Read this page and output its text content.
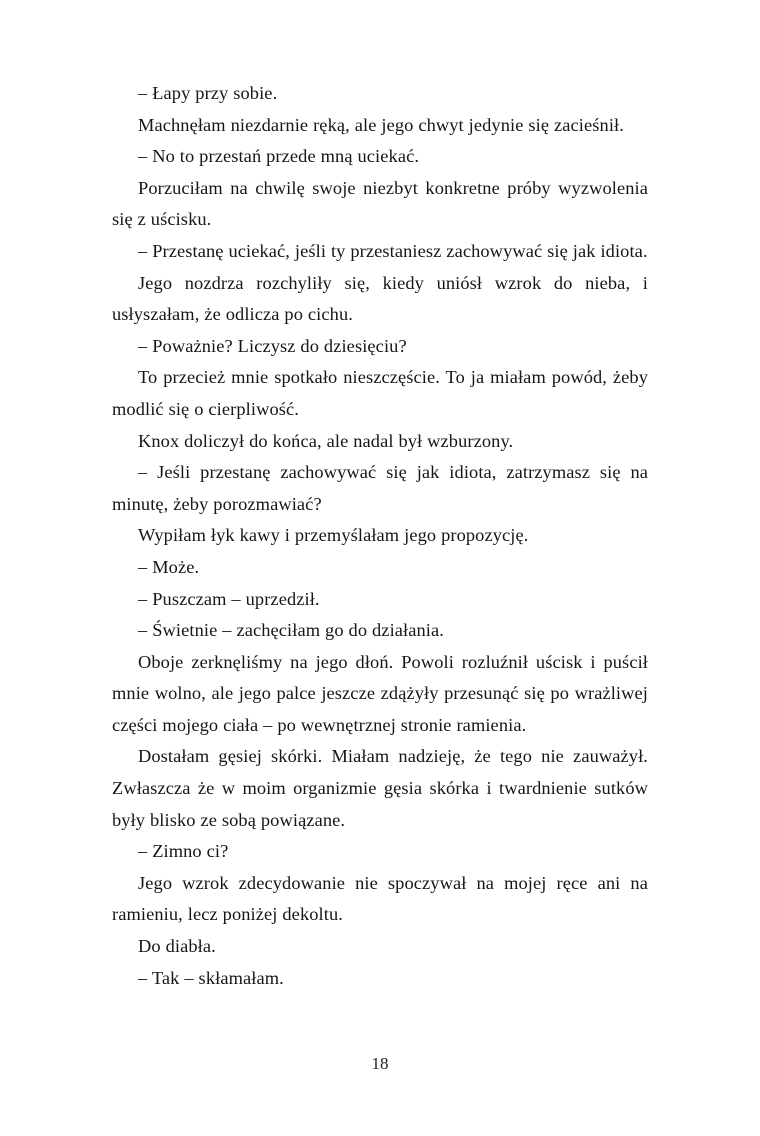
– Łapy przy sobie.

Machnęłam niezdarnie ręką, ale jego chwyt jedynie się zacieśnił.

– No to przestań przede mną uciekać.

Porzuciłam na chwilę swoje niezbyt konkretne próby wyzwolenia się z uścisku.

– Przestanę uciekać, jeśli ty przestaniesz zachowywać się jak idiota.

Jego nozdrza rozchyliły się, kiedy uniósł wzrok do nieba, i usłyszałam, że odlicza po cichu.

– Poważnie? Liczysz do dziesięciu?

To przecież mnie spotkało nieszczęście. To ja miałam powód, żeby modlić się o cierpliwość.

Knox doliczył do końca, ale nadal był wzburzony.

– Jeśli przestanę zachowywać się jak idiota, zatrzymasz się na minutę, żeby porozmawiać?

Wypiłam łyk kawy i przemyślałam jego propozycję.

– Może.

– Puszczam – uprzedził.

– Świetnie – zachęciłam go do działania.

Oboje zerknęliśmy na jego dłoń. Powoli rozluźnił uścisk i puścił mnie wolno, ale jego palce jeszcze zdążyły przesunąć się po wrażliwej części mojego ciała – po wewnętrznej stronie ramienia.

Dostałam gęsiej skórki. Miałam nadzieję, że tego nie zauważył. Zwłaszcza że w moim organizmie gęsia skórka i twardnienie sutków były blisko ze sobą powiązane.

– Zimno ci?

Jego wzrok zdecydowanie nie spoczywał na mojej ręce ani na ramieniu, lecz poniżej dekoltu.

Do diabła.

– Tak – skłamałam.

18
